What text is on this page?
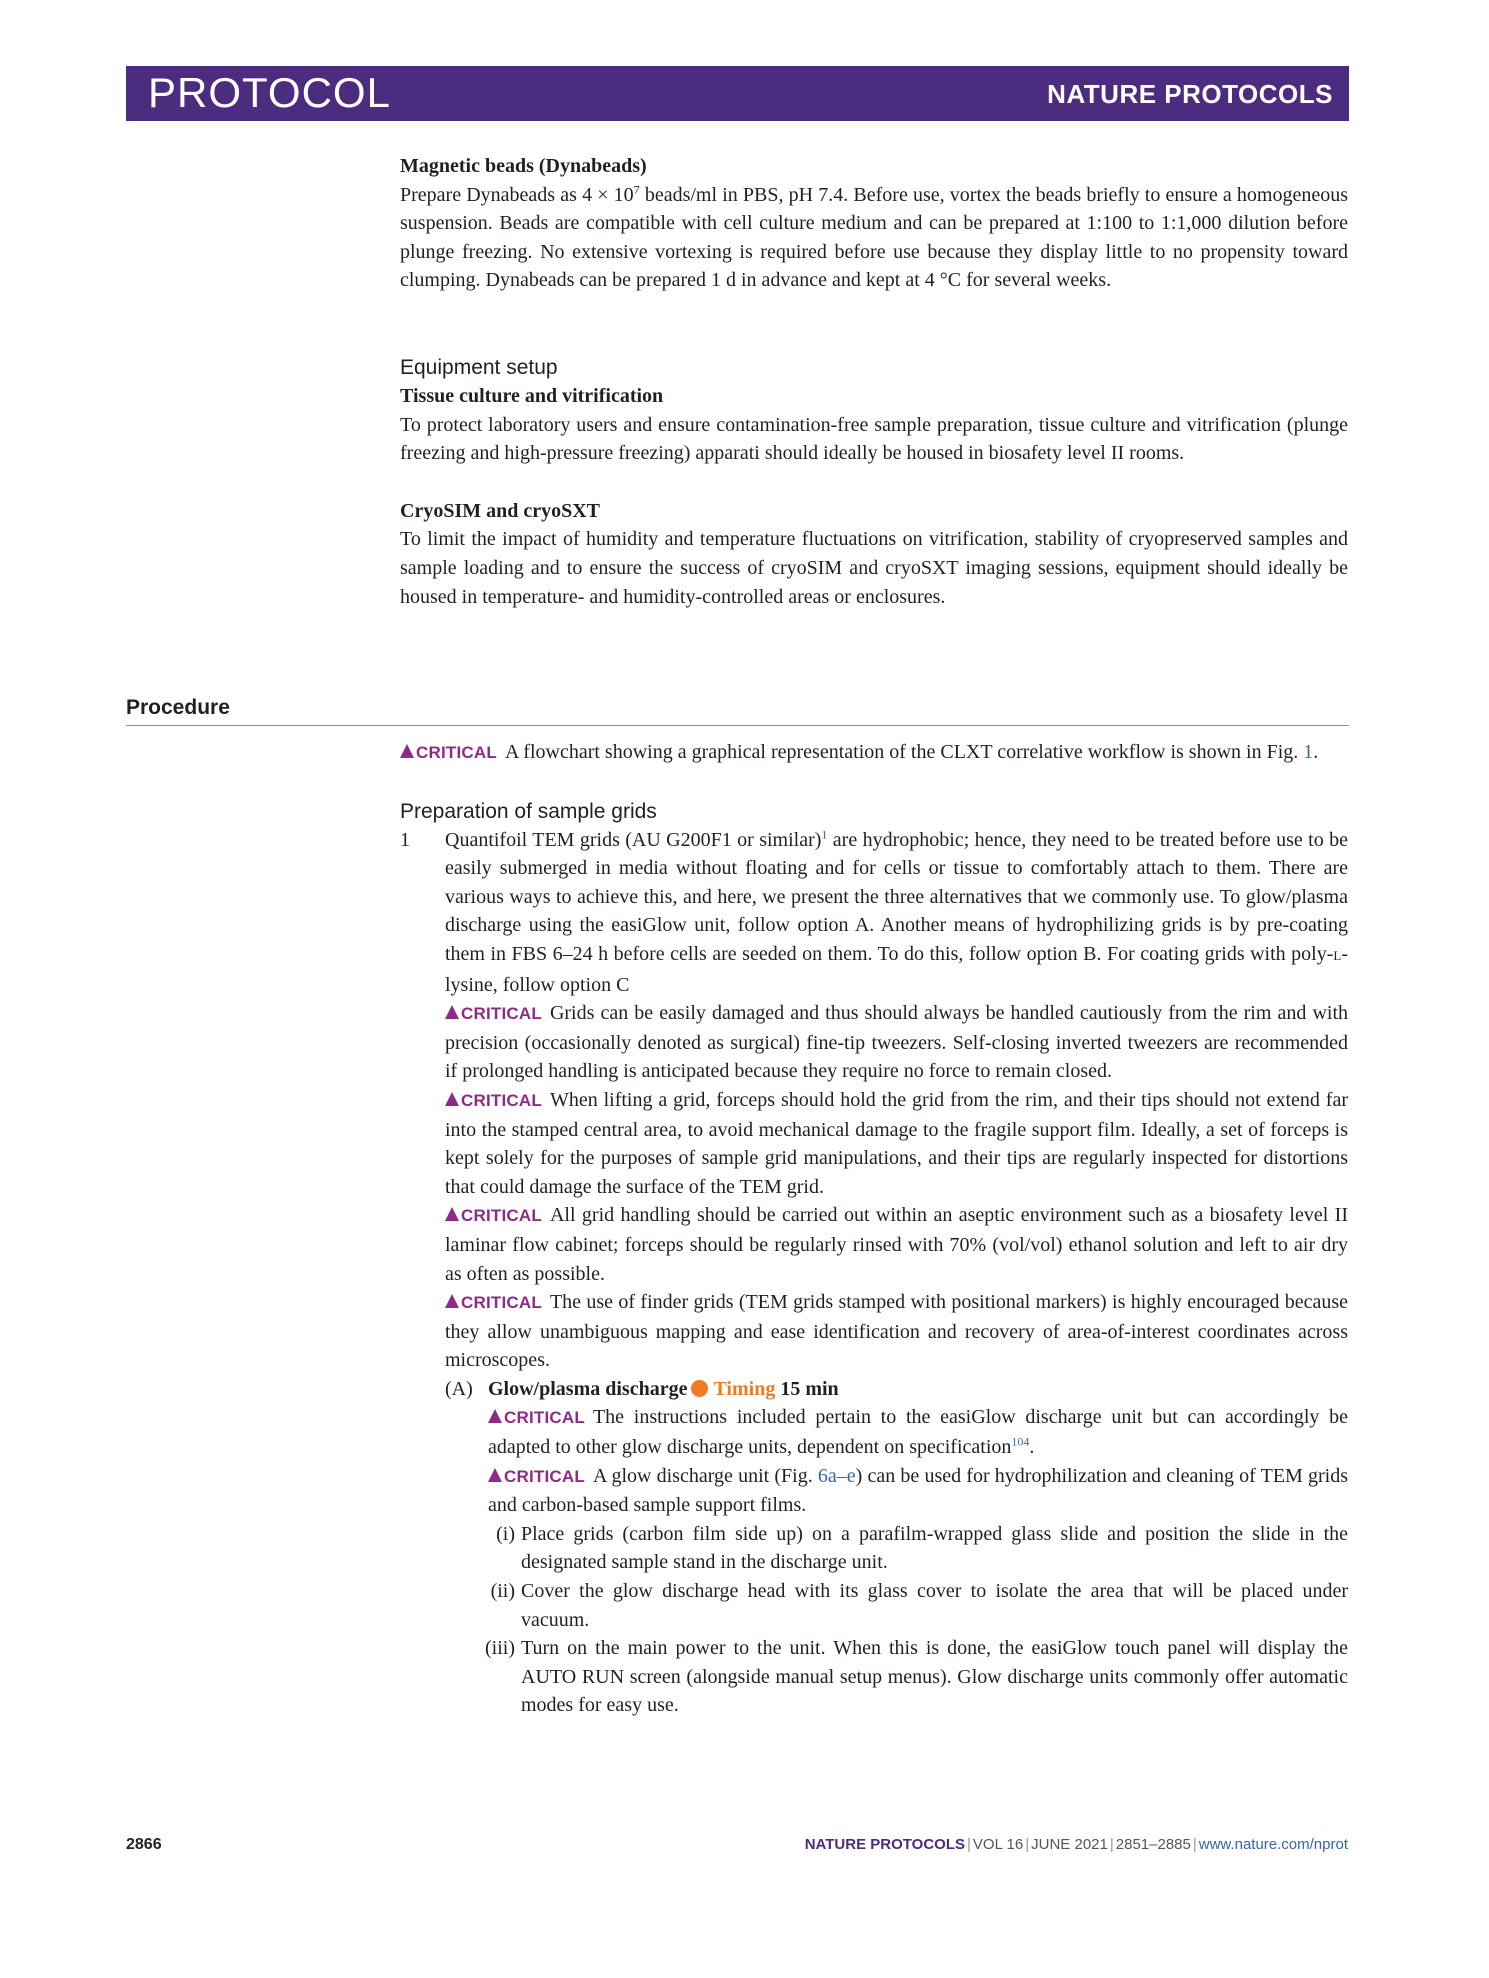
PROTOCOL	NATURE PROTOCOLS
Magnetic beads (Dynabeads)
Prepare Dynabeads as $4 \times 10^7$ beads/ml in PBS, pH 7.4. Before use, vortex the beads briefly to ensure a homogeneous suspension. Beads are compatible with cell culture medium and can be prepared at 1:100 to 1:1,000 dilution before plunge freezing. No extensive vortexing is required before use because they display little to no propensity toward clumping. Dynabeads can be prepared 1 d in advance and kept at 4 °C for several weeks.
Equipment setup
Tissue culture and vitrification
To protect laboratory users and ensure contamination-free sample preparation, tissue culture and vitrification (plunge freezing and high-pressure freezing) apparati should ideally be housed in biosafety level II rooms.
CryoSIM and cryoSXT
To limit the impact of humidity and temperature fluctuations on vitrification, stability of cryopreserved samples and sample loading and to ensure the success of cryoSIM and cryoSXT imaging sessions, equipment should ideally be housed in temperature- and humidity-controlled areas or enclosures.
Procedure
CRITICAL A flowchart showing a graphical representation of the CLXT correlative workflow is shown in Fig. 1.
Preparation of sample grids
1 Quantifoil TEM grids (AU G200F1 or similar)$^1$ are hydrophobic; hence, they need to be treated before use to be easily submerged in media without floating and for cells or tissue to comfortably attach to them. There are various ways to achieve this, and here, we present the three alternatives that we commonly use. To glow/plasma discharge using the easiGlow unit, follow option A. Another means of hydrophilizing grids is by pre-coating them in FBS 6–24 h before cells are seeded on them. To do this, follow option B. For coating grids with poly-L-lysine, follow option C
CRITICAL Grids can be easily damaged and thus should always be handled cautiously from the rim and with precision (occasionally denoted as surgical) fine-tip tweezers. Self-closing inverted tweezers are recommended if prolonged handling is anticipated because they require no force to remain closed.
CRITICAL When lifting a grid, forceps should hold the grid from the rim, and their tips should not extend far into the stamped central area, to avoid mechanical damage to the fragile support film. Ideally, a set of forceps is kept solely for the purposes of sample grid manipulations, and their tips are regularly inspected for distortions that could damage the surface of the TEM grid.
CRITICAL All grid handling should be carried out within an aseptic environment such as a biosafety level II laminar flow cabinet; forceps should be regularly rinsed with 70% (vol/vol) ethanol solution and left to air dry as often as possible.
CRITICAL The use of finder grids (TEM grids stamped with positional markers) is highly encouraged because they allow unambiguous mapping and ease identification and recovery of area-of-interest coordinates across microscopes.
(A) Glow/plasma discharge Timing 15 min
CRITICAL The instructions included pertain to the easiGlow discharge unit but can accordingly be adapted to other glow discharge units, dependent on specification$^{104}$.
CRITICAL A glow discharge unit (Fig. 6a–e) can be used for hydrophilization and cleaning of TEM grids and carbon-based sample support films.
(i) Place grids (carbon film side up) on a parafilm-wrapped glass slide and position the slide in the designated sample stand in the discharge unit.
(ii) Cover the glow discharge head with its glass cover to isolate the area that will be placed under vacuum.
(iii) Turn on the main power to the unit. When this is done, the easiGlow touch panel will display the AUTO RUN screen (alongside manual setup menus). Glow discharge units commonly offer automatic modes for easy use.
2866	NATURE PROTOCOLS | VOL 16 | JUNE 2021 | 2851–2885 | www.nature.com/nprot
